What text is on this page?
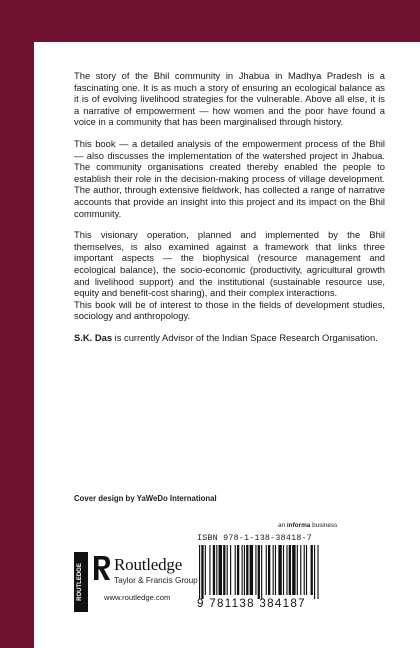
The story of the Bhil community in Jhabua in Madhya Pradesh is a fascinating one. It is as much a story of ensuring an ecological balance as it is of evolving livelihood strategies for the vulnerable. Above all else, it is a narrative of empowerment — how women and the poor have found a voice in a community that has been marginalised through history.

This book — a detailed analysis of the empowerment process of the Bhil — also discusses the implementation of the watershed project in Jhabua. The community organisations created thereby enabled the people to establish their role in the decision-making process of village development. The author, through extensive fieldwork, has collected a range of narrative accounts that provide an insight into this project and its impact on the Bhil community.

This visionary operation, planned and implemented by the Bhil themselves, is also examined against a framework that links three important aspects — the biophysical (resource management and ecological balance), the socio-economic (productivity, agricultural growth and livelihood support) and the institutional (sustainable resource use, equity and benefit-cost sharing), and their complex interactions.

This book will be of interest to those in the fields of development studies, sociology and anthropology.

S.K. Das is currently Advisor of the Indian Space Research Organisation.

Cover design by YaWeDo International
an informa business
ISBN 978-1-138-38418-7
9 781138 384187
ROUTLEDGE Routledge
Taylor & Francis Group
www.routledge.com
